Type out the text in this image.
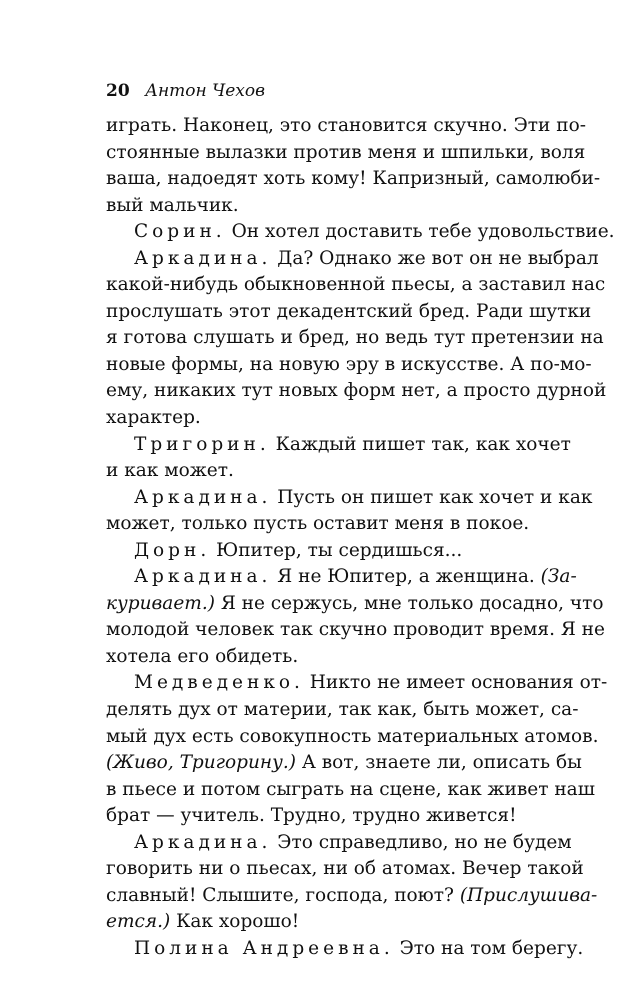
20 Антон Чехов
играть. Наконец, это становится скучно. Эти по-
стоянные вылазки против меня и шпильки, воля
ваша, надоедят хоть кому! Капризный, самолюби-
вый мальчик.
Сорин. Он хотел доставить тебе удовольствие.
Аркадина. Да? Однако же вот он не выбрал
какой-нибудь обыкновенной пьесы, а заставил нас
прослушать этот декадентский бред. Ради шутки
я готова слушать и бред, но ведь тут претензии на
новые формы, на новую эру в искусстве. А по-мо-
ему, никаких тут новых форм нет, а просто дурной
характер.
Тригорин. Каждый пишет так, как хочет
и как может.
Аркадина. Пусть он пишет как хочет и как
может, только пусть оставит меня в покое.
Дорн. Юпитер, ты сердишься...
Аркадина. Я не Юпитер, а женщина. (За-
куривает.) Я не сержусь, мне только досадно, что
молодой человек так скучно проводит время. Я не
хотела его обидеть.
Медведенко. Никто не имеет основания от-
делять дух от материи, так как, быть может, са-
мый дух есть совокупность материальных атомов.
(Живо, Тригорину.) А вот, знаете ли, описать бы
в пьесе и потом сыграть на сцене, как живет наш
брат — учитель. Трудно, трудно живется!
Аркадина. Это справедливо, но не будем
говорить ни о пьесах, ни об атомах. Вечер такой
славный! Слышите, господа, поют? (Прислушива-
ется.) Как хорошо!
Полина Андреевна. Это на том берегу.
